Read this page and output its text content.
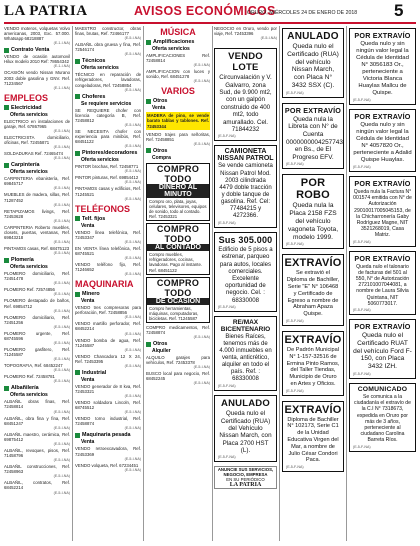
LA PATRIA	AVISOS ECONÓMICOS
ORURO, MIÉRCOLES 24 DE ENERO DE 2018 5
VENDO moteros, volquetas Volvo americanas, 2003, Exc. 57.000. Whatsapp 68218887
(E-1-I-NA)
Contrato Venta
VENDO de ocasión automovil Hilux modelo 2010 Ref: 78654342
(E-1-I-NA)
OCASIÓN vendo Nissan Murano 2003 doble gasolina y GNV. Ref. 71234567
(E-1-I-NA)
EMPLEOS
Electricidad
Oferta servicios
ELECTRICO en instalaciones de garaje, Ref. 67867965
(E-5-I-NA)
ELECTRICISTA domiciliario, oficinas, Ref. 72455871
(E-5-I-NA)
SOLDADURAS Ref. 72465474
(E-5-I-NA)
Carpintería
Oferta servicios
CARPINTERIA ebanistería, Ref. 69845717
(E-5-I-NA)
MUEBLES de madera, sillas, Ref. 71287452
(E-5-I-NA)
RETAPIZAMOS livings, Ref. 72453628
(E-5-I-NA)
CARPINTERIA Roberto muebles, closets, puertas, ventanas, Ref. 69843218
(E-5-I-NA)
PINTAMOS casas, Ref. 68475123
(E-5-I-NA)
Plomería
Oferta servicios
PLOMERO domiciliario, Ref. 72451478
(E-5-I-NA)
PLOMERO Ref. 72574856
(E-5-I-NA)
PLOMERO destapado de baños, Ref. 69854712
(E-5-I-NA)
PLOMERO domiciliario, Ref. 72451256
(E-5-I-NA)
PLOMERO urgente, Ref. 68745596
(E-5-I-NA)
PLOMERO gasfitero, Ref. 71245587
(E-5-I-NA)
TOPOGRAFIA, Ref. 68452247
(E-5-I-NA)
PLOMERO Ref. 72458781
(E-5-I-NA)
Albañilería
Oferta servicios
ALBAÑIL obras finas, Ref. 72458814
(E-5-I-NA)
ALBAÑIL, obra fina y fina, Ref. 68451247
(E-5-I-NA)
ALBAÑIL maestro, cerámica, Ref. 69875412
(E-5-I-NA)
ALBAÑIL, revoques, pisos, Ref. 71458796
(E-5-I-NA)
ALBAÑIL construcciones, Ref. 72458963
(E-5-I-NA)
ALBAÑIL, contratos, Ref. 68452214
(E-5-I-NA)
MAESTRO constructor, obras finas, brutas, Ref. 72466177
(E-5-I-NA)
ALBAÑIL obra gruesa y fina, Ref. 72546174
(E-5-I-NA)
Técnicos
Oferta servicios
TÉCNICO en reparación de refrigeradores, lavadoras, congeladoras, Ref. 72458854
(E-5-I-NA)
Choferes
Se requiere servicios
SE REQUIERE chofer con licencia categoría B, Ref. 72458812
(E-5-I-NA)
SE NECESITA chofer con experiencia para minibús, Ref. 68451122
(E-5-I-NA)
Pintores/decoradores
Oferta servicios
PINTOR brochas, Ref. 72458771
(E-5-I-NA)
PINTOR pinturas, Ref. 69854412
(E-5-I-NA)
PINTAMOS casas y edificios, Ref. 71245521
(E-5-I-NA)
TELÉFONOS
Telf. fijos
Venta
VENDO línea telefónica, Ref. 72453347
(E-5-I-NA)
EN VENTA línea telefónica, Ref. 68745521
(E-5-I-NA)
VENDO teléfono fijo, Ref. 71246652
(E-5-I-NA)
MAQUINARIA
Minero
Venta
VENDO tres compresoras para perforación, Ref. 72458856
(E-5-I-NA)
VENDO martillo perforador, Ref. 68452214
(E-5-I-NA)
VENDO bomba de agua, Ref. 71245587
(E-5-I-NA)
VENDO Chancadora 12 X 24, Ref. 72453395
(E-5-I-NA)
Industrial
Venta
VENDO generador de 8 kva, Ref. 72453321
(E-5-I-NA)
VENDO soldadora Lincoln, Ref. 68745512
(E-5-I-NA)
VENDO torno industrial, Ref. 72458874
(E-5-I-NA)
Maquinaria pesada
Venta
VENDO retroexcavadora, Ref. 72453369
(E-5-I-NA)
VENDO volqueta, Ref. 67234451
(E-5-I-NA)
MÚSICA
Amplificaciones
Oferta servicios
AMPLIFICACIONES Ref. 72458814
(E-5-I-NA)
AMPLIFICACION con luces y sonido, Ref. 68451278
(E-5-I-NA)
VARIOS
Otros
Venta
MADERA de pino, se vende barato tablas y tablones. Ref. 72453344
VENDO trajes para señoritas, Ref. 72458851
(E-5-I-NA)
Otros
Compra
COMPRO TODO
DINERO AL MINUTO
Compro oro, plata, joyas, celulares, televisores, equipos de sonido, todo al contado. Ref. 72453321
COMPRO TODO
AL CONTADO
Compro muebles, refrigeradores, cocinas, lavadoras. Pago al instante. Ref. 68451122
COMPRO TODO
DE OCASIÓN
Compro herramientas, máquinas, computadoras, bicicletas. Ref. 71245587
COMPRO medicamentos, Ref. 72458874
(E-5-I-NA)
Otros
Alquiler
ALQUILO garajes para vehículos, Ref. 72453378
(E-5-I-NA)
BUSCO local para negocio, Ref. 68452245
(E-5-I-NA)
NEGOCIO en Oruro, vendo por viaje, Ref. 72453396
(E-5-I-NA)
VENDO LOTE
Circunvalación y V. Galvarro, zona Sud, de 9.900 mt2, con un galpón construido de 400 mt2, todo amurallado. Cel. 71844232
(E-5-F-NA)
CAMIONETA NISSAN PATROL
Se vende camioneta Nissan Patrol Mod. 2003 cilindrada 4479 doble tracción y doble tanque de gasolina. Ref. Cel: 77484215 y 4272366.
(E-5-F-NA)
Sus 305.000
Edificio de 5 pisos a estrenar, parqueo para autos, locales comerciales. Excelente oportunidad de negocio. Cel. : 68330008
(E-5-F-NA)
RE/MAX BICENTENARIO
Bienes Raíces, tenemos más de 4.000 inmuebles en venta, anticrético, alquiler en todo el país. Ref. : 68330008
(E-5-F-NA)
ANULADO
Queda nulo el Certificado (RUA) del Vehículo Nissan March, con Placa 2700 HST (L).
(E-5-F-NA)
ANUNCIE SUS SERVICIOS,
NEGOCIO, EMPRESA
EN SU PERIÓDICO
LA PATRIA
ANULADO
Queda nulo el Certificado (RUA) del vehículo Nissan March, con Placa N° 3432 SSX (C).
(E-5-F-NA)
POR EXTRAVÍO
Queda nula la Libreta con N° de Cuenta 0000000004257743 en Bs., de El Progreso EFV.
(E-5-F-NA)
POR ROBO
Queda nula la Placa 2158 FZS del vehículo vagoneta Toyota, modelo 1999.
(E-5-F-NA)
EXTRAVÍO
Se extravió el Diploma de Bachiller, Serie "E" N° 106468 y Certificado de Egreso a nombre de Abraham Apaza Quispe.
(E-5-F-NA)
EXTRAVÍO
De Padrón Municipal N° 1-157-32516 de Ermina Pinto Ramos, del Taller Tiendas, Municipio de Oruro en Artes y Oficios.
(E-5-F-NA)
EXTRAVÍO
Diploma de Bachiller N° 102173, Serie C1 de la Unidad Educativa Virgen del Mar, a nombre de Julio César Condori Paca.
(E-5-F-NA)
POR EXTRAVÍO
Queda nulo y sin ningún valor legal la Cédula de Identidad N° 3056183 Or., perteneciente a Victoria Blanca Huaylas Mallcu de Quispe.
(E-5-F-NA)
POR EXTRAVÍO
Queda nulo y sin ningún valor legal la Cédula de Identidad N° 4057820 Or., perteneciente a Adalid Quispe Huaylas.
(E-5-F-NA)
POR EXTRAVÍO
Queda nula la Factura N° 001574 emitida con N° de Autorización 29010017005045153, de la Chicharronería Gaby Rodríguez Magne, NIT 3521268019, Casa Matriz.
(E-5-F-NA)
POR EXTRAVÍO
Queda nulo el talonario de facturas del 501 al 550, N° de Autorización 272101007044081, a nombre de Laura Silvia Quintana, NIT 5060773017.
(E-5-F-NA)
POR EXTRAVÍO
Queda nulo el Certificado RUAT del vehículo Ford F-150, con Placa 3432 IZH.
(E-5-F-NA)
COMUNICADO
Se comunica a la ciudadanía el extravío de la C.I N° 7318673, expedida en Oruro por más de 3 años, perteneciente al ciudadano Carolina Barreta Ríos.
(E-5-F-NA)
